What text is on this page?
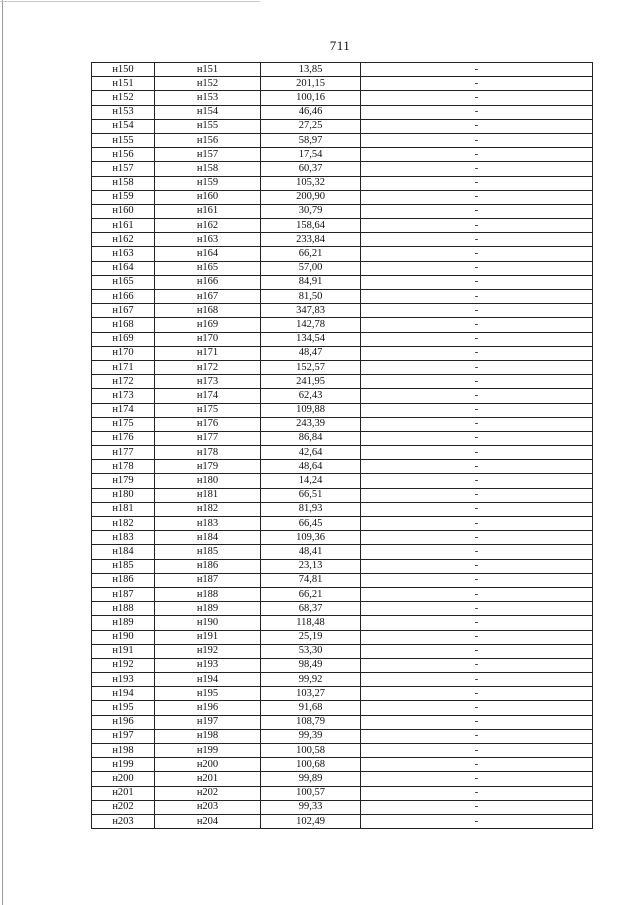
711
н150	н151	13,85	-
н151	н152	201,15	-
н152	н153	100,16	-
н153	н154	46,46	-
н154	н155	27,25	-
н155	н156	58,97	-
н156	н157	17,54	-
н157	н158	60,37	-
н158	н159	105,32	-
н159	н160	200,90	-
н160	н161	30,79	-
н161	н162	158,64	-
н162	н163	233,84	-
н163	н164	66,21	-
н164	н165	57,00	-
н165	н166	84,91	-
н166	н167	81,50	-
н167	н168	347,83	-
н168	н169	142,78	-
н169	н170	134,54	-
н170	н171	48,47	-
н171	н172	152,57	-
н172	н173	241,95	-
н173	н174	62,43	-
н174	н175	109,88	-
н175	н176	243,39	-
н176	н177	86,84	-
н177	н178	42,64	-
н178	н179	48,64	-
н179	н180	14,24	-
н180	н181	66,51	-
н181	н182	81,93	-
н182	н183	66,45	-
н183	н184	109,36	-
н184	н185	48,41	-
н185	н186	23,13	-
н186	н187	74,81	-
н187	н188	66,21	-
н188	н189	68,37	-
н189	н190	118,48	-
н190	н191	25,19	-
н191	н192	53,30	-
н192	н193	98,49	-
н193	н194	99,92	-
н194	н195	103,27	-
н195	н196	91,68	-
н196	н197	108,79	-
н197	н198	99,39	-
н198	н199	100,58	-
н199	н200	100,68	-
н200	н201	99,89	-
н201	н202	100,57	-
н202	н203	99,33	-
н203	н204	102,49	-
